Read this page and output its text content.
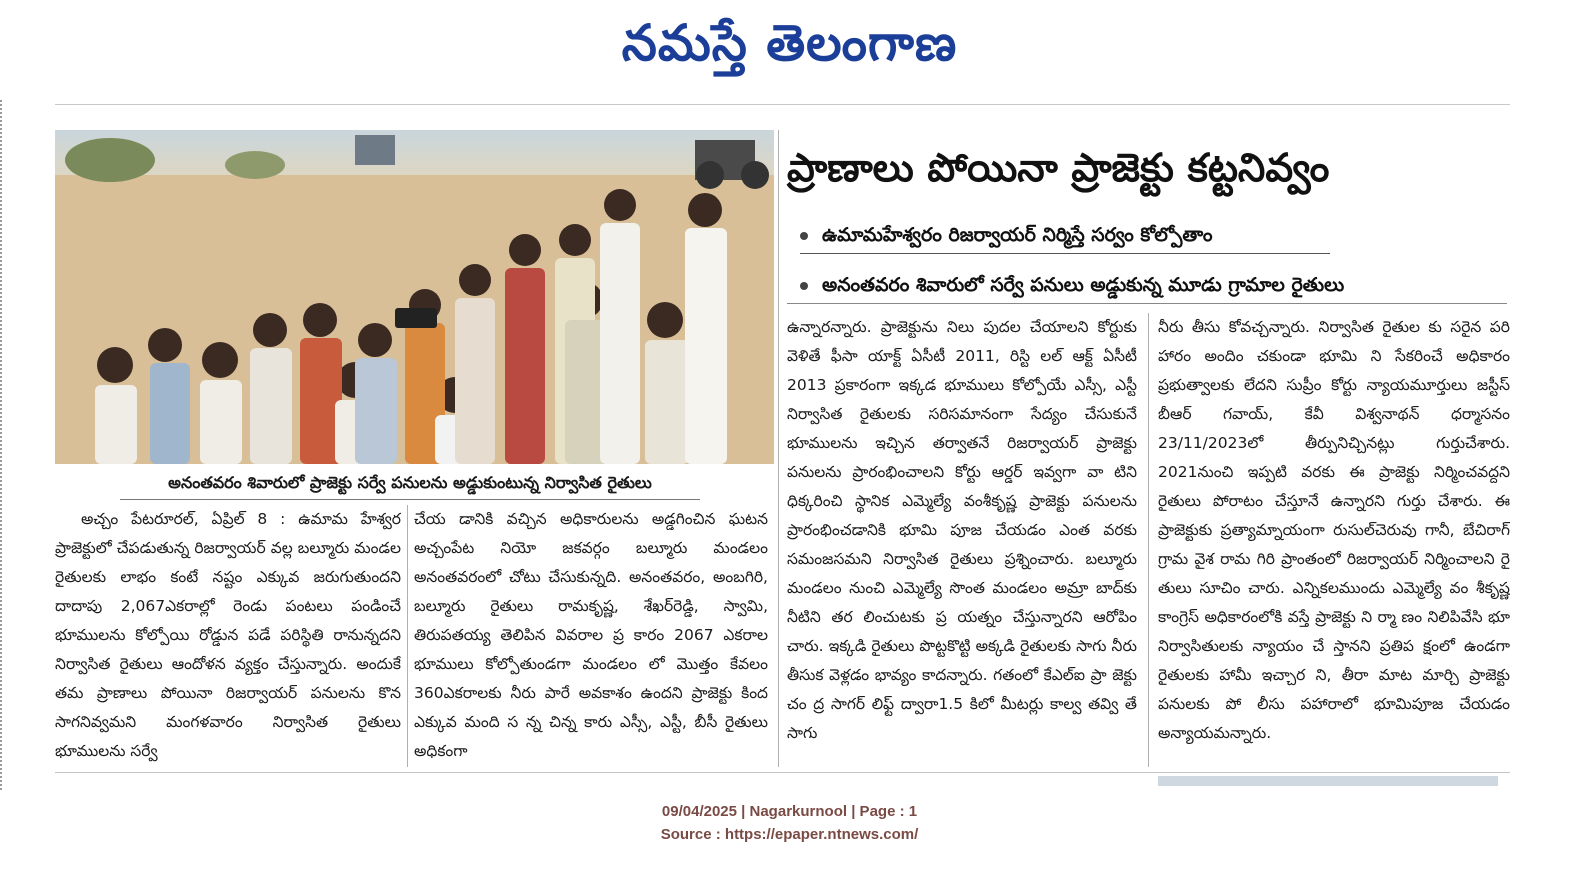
నమస్తే తెలంగాణ
అనంతవరం శివారులో ప్రాజెక్టు సర్వే పనులను అడ్డుకుంటున్న నిర్వాసిత రైతులు
ప్రాణాలు పోయినా ప్రాజెక్టు కట్టనివ్వం
ఉమామహేశ్వరం రిజర్వాయర్ నిర్మిస్తే సర్వం కోల్పోతాం
అనంతవరం శివారులో సర్వే పనులు అడ్డుకున్న మూడు గ్రామాల రైతులు

అచ్చం పేటరూరల్, ఏప్రిల్ 8 : ఉమామ హేశ్వర ప్రాజెక్టులో చేపడుతున్న రిజర్వాయర్ వల్ల బల్మూరు మండల రైతులకు లాభం కంటే నష్టం ఎక్కువ జరుగుతుందని దాదాపు 2,067ఎకరాల్లో రెండు పంటలు పండించే భూములను కోల్పోయి రోడ్డున పడే పరిస్థితి రానున్నదని నిర్వాసిత రైతులు ఆందోళన వ్యక్తం చేస్తున్నారు. అందుకే తమ ప్రాణాలు పోయినా రిజర్వాయర్ పనులను కొన సాగనివ్వమని మంగళవారం నిర్వాసిత రైతులు భూములను సర్వే

చేయ డానికి వచ్చిన అధికారులను అడ్డగించిన ఘటన అచ్చంపేట నియో జకవర్గం బల్మూరు మండలం అనంతవరంలో చోటు చేసుకున్నది. అనంతవరం, అంబగిరి, బల్మూరు రైతులు రామకృష్ణ, శేఖర్‌రెడ్డి, స్వామి, తిరుపతయ్య తెలిపిన వివరాల ప్ర కారం 2067 ఎకరాల భూములు కోల్పోతుండగా మండలం లో మొత్తం కేవలం 360ఎకరాలకు నీరు పారే అవకాశం ఉందని ప్రాజెక్టు కింద ఎక్కువ మంది స న్న చిన్న కారు ఎస్సీ, ఎస్టీ, బీసీ రైతులు అధికంగా

ఉన్నారన్నారు. ప్రాజెక్టును నిలు పుదల చేయాలని కోర్టుకు వెళితే ఫీసా యాక్ట్ ఏసీటీ 2011, రిస్టి లల్ ఆక్ట్ ఏసీటీ 2013 ప్రకారంగా ఇక్కడ భూములు కోల్పోయే ఎస్సీ, ఎస్టీ నిర్వాసిత రైతులకు సరిసమానంగా సేద్యం చేసుకునే భూములను ఇచ్చిన తర్వాతనే రిజర్వాయర్ ప్రాజెక్టు పనులను ప్రారంభించాలని కోర్టు ఆర్డర్ ఇవ్వగా వా టిని ధిక్కరించి స్థానిక ఎమ్మెల్యే వంశీకృష్ణ ప్రాజెక్టు పనులను ప్రారంభించడానికి భూమి పూజ చేయడం ఎంత వరకు సమంజసమని నిర్వాసిత రైతులు ప్రశ్నించారు. బల్మూరు మండలం నుంచి ఎమ్మెల్యే సొంత మండలం అమ్రా బాద్‌కు నీటిని తర లించుటకు ప్ర యత్నం చేస్తున్నారని ఆరోపిం చారు. ఇక్కడి రైతులు పొట్టకొట్టి అక్కడి రైతులకు సాగు నీరు తీసుక వెళ్లడం భావ్యం కాదన్నారు. గతంలో కేఎల్ఐ ప్రా జెక్టు చం ద్ర సాగర్ లిఫ్ట్ ద్వారా1.5 కిలో మీటర్లు కాల్వ తవ్వి తే సాగు

నీరు తీసు కోవచ్చన్నారు. నిర్వాసిత రైతుల కు సరైన పరి హారం అందిం చకుండా భూమి ని సేకరించే అధికారం ప్రభుత్వాలకు లేదని సుప్రీం కోర్టు న్యాయమూర్తులు జస్టీస్ బీఆర్ గవాయ్, కేవీ విశ్వనాథన్ ధర్మాసనం 23/11/2023లో తీర్పునిచ్చినట్లు గుర్తుచేశారు. 2021నుంచి ఇప్పటి వరకు ఈ ప్రాజెక్టు నిర్మించవద్దని రైతులు పోరాటం చేస్తూనే ఉన్నారని గుర్తు చేశారు. ఈ ప్రాజెక్టుకు ప్రత్యామ్నాయంగా రుసుల్‌చెరువు గానీ, బేచిరాగ్ గ్రామ వైశ రామ గిరి ప్రాంతంలో రిజర్వాయర్ నిర్మించాలని రై తులు సూచిం చారు. ఎన్నికలముందు ఎమ్మెల్యే వం శీకృష్ణ కాంగ్రెస్ అధికారంలోకి వస్తే ప్రాజెక్టు ని ర్మా ణం నిలిపివేసి భూ నిర్వాసితులకు న్యాయం చే స్తానని ప్రతిప క్షంలో ఉండగా రైతులకు హామీ ఇచ్చార ని, తీరా మాట మార్చి ప్రాజెక్టు పనులకు పో లీసు పహారాలో భూమిపూజ చేయడం అన్యాయమన్నారు.

09/04/2025 | Nagarkurnool | Page : 1
Source : https://epaper.ntnews.com/
